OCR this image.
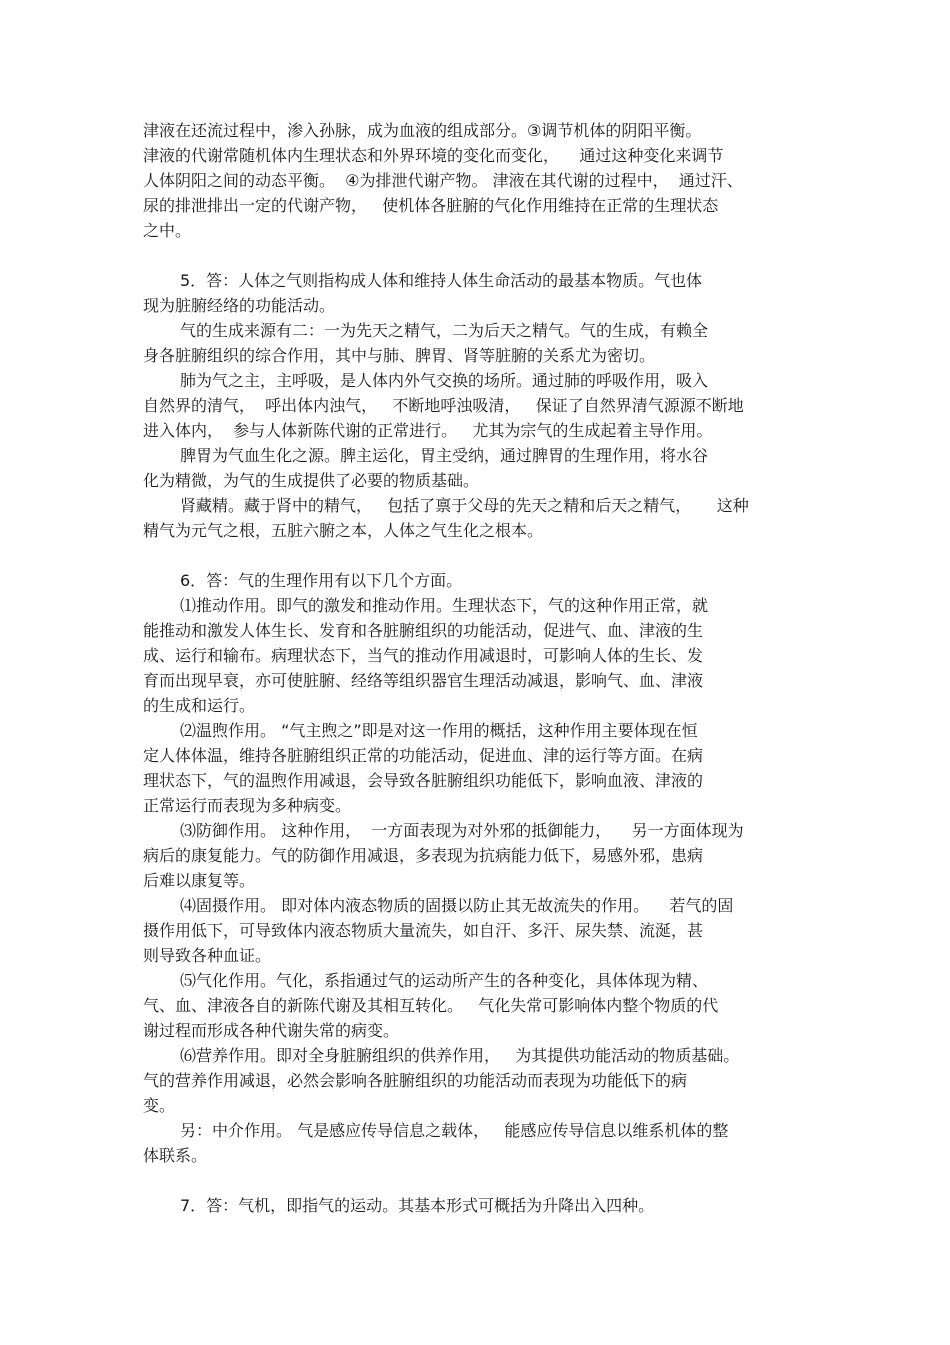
津液在还流过程中，渗入孙脉，成为血液的组成部分。③调节机体的阴阳平衡。
津液的代谢常随机体内生理状态和外界环境的变化而变化，    通过这种变化来调节
人体阴阳之间的动态平衡。  ④为排泄代谢产物。 津液在其代谢的过程中，  通过汗、
尿的排泄排出一定的代谢产物，   使机体各脏腑的气化作用维持在正常的生理状态
之中。
5．答：人体之气则指构成人体和维持人体生命活动的最基本物质。气也体
现为脏腑经络的功能活动。
气的生成来源有二：一为先天之精气，二为后天之精气。气的生成，有赖全
身各脏腑组织的综合作用，其中与肺、脾胃、肾等脏腑的关系尤为密切。
肺为气之主，主呼吸，是人体内外气交换的场所。通过肺的呼吸作用，吸入
自然界的清气，  呼出体内浊气，   不断地呼浊吸清，   保证了自然界清气源源不断地
进入体内，  参与人体新陈代谢的正常进行。   尤其为宗气的生成起着主导作用。
脾胃为气血生化之源。脾主运化，胃主受纳，通过脾胃的生理作用，将水谷
化为精微，为气的生成提供了必要的物质基础。
肾藏精。藏于肾中的精气，   包括了禀于父母的先天之精和后天之精气，     这种
精气为元气之根，五脏六腑之本，人体之气生化之根本。
6．答：气的生理作用有以下几个方面。
⑴推动作用。即气的激发和推动作用。生理状态下，气的这种作用正常，就
能推动和激发人体生长、发育和各脏腑组织的功能活动，促进气、血、津液的生
成、运行和输布。病理状态下，当气的推动作用减退时，可影响人体的生长、发
育而出现早衰，亦可使脏腑、经络等组织器官生理活动减退，影响气、血、津液
的生成和运行。
⑵温煦作用。 “气主煦之”即是对这一作用的概括，这种作用主要体现在恒
定人体体温，维持各脏腑组织正常的功能活动，促进血、津的运行等方面。在病
理状态下，气的温煦作用减退，会导致各脏腑组织功能低下，影响血液、津液的
正常运行而表现为多种病变。
⑶防御作用。 这种作用，  一方面表现为对外邪的抵御能力，    另一方面体现为
病后的康复能力。气的防御作用减退，多表现为抗病能力低下，易感外邪，患病
后难以康复等。
⑷固摄作用。 即对体内液态物质的固摄以防止其无故流失的作用。    若气的固
摄作用低下，可导致体内液态物质大量流失，如自汗、多汗、尿失禁、流涎，甚
则导致各种血证。
⑸气化作用。气化，系指通过气的运动所产生的各种变化，具体体现为精、
气、血、津液各自的新陈代谢及其相互转化。   气化失常可影响体内整个物质的代
谢过程而形成各种代谢失常的病变。
⑹营养作用。即对全身脏腑组织的供养作用，   为其提供功能活动的物质基础。
气的营养作用减退，必然会影响各脏腑组织的功能活动而表现为功能低下的病
变。
另：中介作用。 气是感应传导信息之载体，   能感应传导信息以维系机体的整
体联系。
7．答：气机，即指气的运动。其基本形式可概括为升降出入四种。
